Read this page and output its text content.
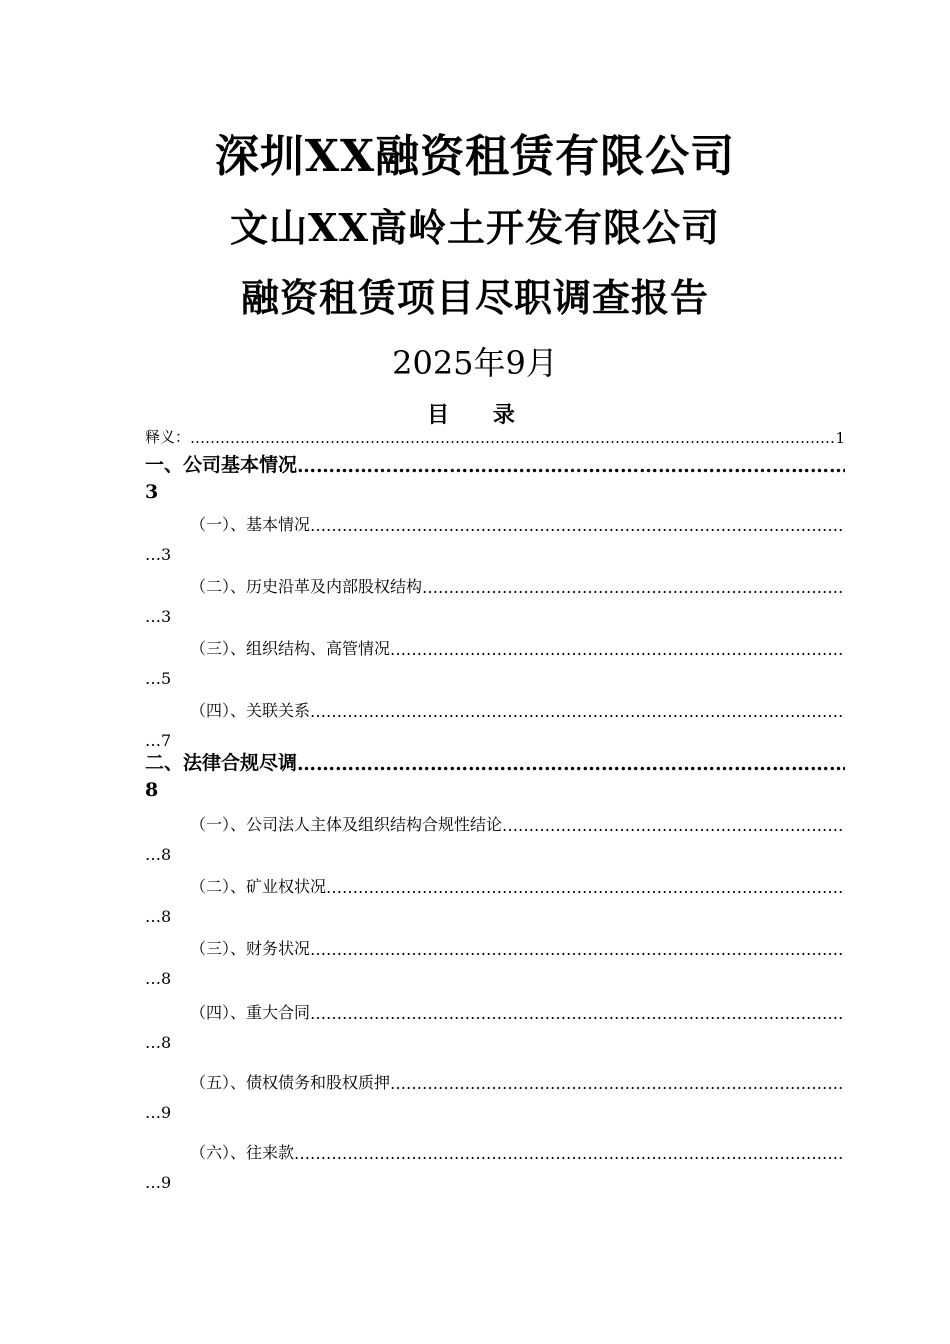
深圳XX融资租赁有限公司
文山XX高岭土开发有限公司
融资租赁项目尽职调查报告
2025年9月
目 录
释义： …………………………………………………………………………………………………………………………………………………………………………………………………………	1
一、公司基本情况
…………………………………………………………………………………………………………………………………………………………………………………………………………
3
（一）、基本情况
…………………………………………………………………………………………………………………………………………………………………………………………………………
… 3
（二）、历史沿革及内部股权结构
…………………………………………………………………………………………………………………………………………………………………………………………………………
… 3
（三）、组织结构、高管情况
…………………………………………………………………………………………………………………………………………………………………………………………………………
… 5
（四）、关联关系
…………………………………………………………………………………………………………………………………………………………………………………………………………
… 7
二、法律合规尽调
…………………………………………………………………………………………………………………………………………………………………………………………………………
8
（一）、公司法人主体及组织结构合规性结论
…………………………………………………………………………………………………………………………………………………………………………………………………………
… 8
（二）、矿业权状况
…………………………………………………………………………………………………………………………………………………………………………………………………………
… 8
（三）、财务状况
…………………………………………………………………………………………………………………………………………………………………………………………………………
… 8
（四）、重大合同
…………………………………………………………………………………………………………………………………………………………………………………………………………
… 8
（五）、债权债务和股权质押
…………………………………………………………………………………………………………………………………………………………………………………………………………
… 9
（六）、往来款
…………………………………………………………………………………………………………………………………………………………………………………………………………
… 9
